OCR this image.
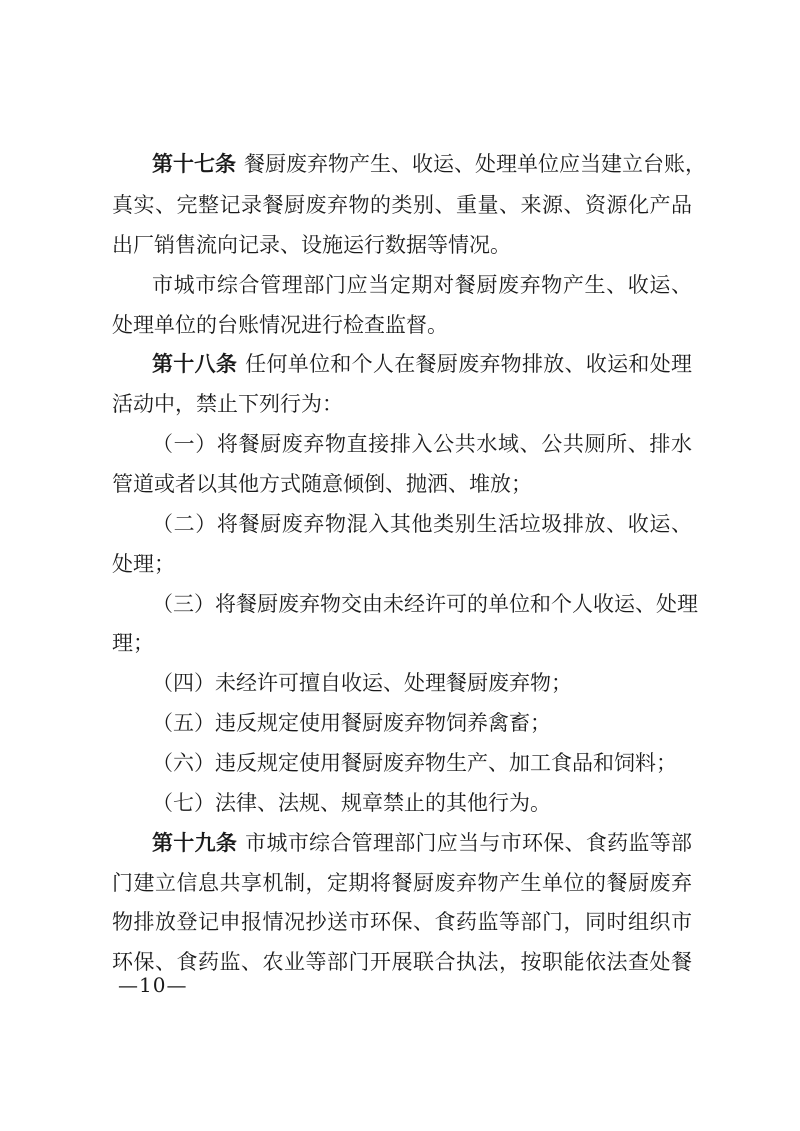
第十七条 餐厨废弃物产生、收运、处理单位应当建立台账，
真实、完整记录餐厨废弃物的类别、重量、来源、资源化产品
出厂销售流向记录、设施运行数据等情况。
市城市综合管理部门应当定期对餐厨废弃物产生、收运、
处理单位的台账情况进行检查监督。
第十八条 任何单位和个人在餐厨废弃物排放、收运和处理
活动中，禁止下列行为：
（一）将餐厨废弃物直接排入公共水域、公共厕所、排水
管道或者以其他方式随意倾倒、抛洒、堆放；
（二）将餐厨废弃物混入其他类别生活垃圾排放、收运、
处理；
（三）将餐厨废弃物交由未经许可的单位和个人收运、处理
理；
（四）未经许可擅自收运、处理餐厨废弃物；
（五）违反规定使用餐厨废弃物饲养禽畜；
（六）违反规定使用餐厨废弃物生产、加工食品和饲料；
（七）法律、法规、规章禁止的其他行为。
第十九条 市城市综合管理部门应当与市环保、食药监等部
门建立信息共享机制，定期将餐厨废弃物产生单位的餐厨废弃
物排放登记申报情况抄送市环保、食药监等部门，同时组织市
环保、食药监、农业等部门开展联合执法，按职能依法查处餐
—10—
